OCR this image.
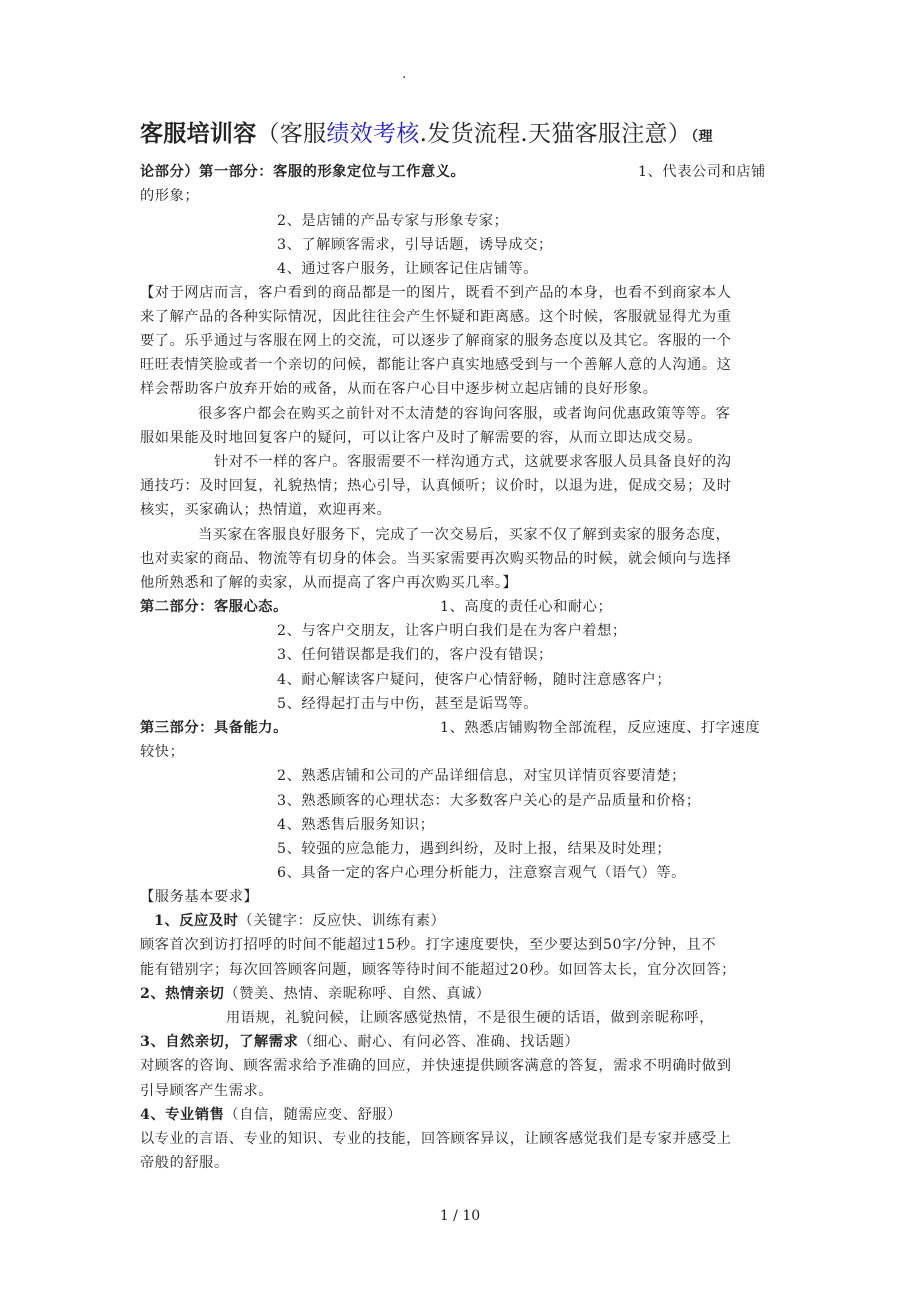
.
客服培训容（客服绩效考核.发货流程.天猫客服注意）（理
论部分）第一部分：客服的形象定位与工作意义。	1、代表公司和店铺
的形象；
2、是店铺的产品专家与形象专家；
3、了解顾客需求，引导话题，诱导成交；
4、通过客户服务，让顾客记住店铺等。
【对于网店而言，客户看到的商品都是一的图片，既看不到产品的本身，也看不到商家本人
来了解产品的各种实际情况，因此往往会产生怀疑和距离感。这个时候，客服就显得尤为重
要了。乐乎通过与客服在网上的交流，可以逐步了解商家的服务态度以及其它。客服的一个
旺旺表情笑脸或者一个亲切的问候，都能让客户真实地感受到与一个善解人意的人沟通。这
样会帮助客户放弃开始的戒备，从而在客户心目中逐步树立起店铺的良好形象。
很多客户都会在购买之前针对不太清楚的容询问客服，或者询问优惠政策等等。客
服如果能及时地回复客户的疑问，可以让客户及时了解需要的容，从而立即达成交易。
针对不一样的客户。客服需要不一样沟通方式，这就要求客服人员具备良好的沟
通技巧：及时回复，礼貌热情；热心引导，认真倾听；议价时，以退为进，促成交易；及时
核实，买家确认；热情道，欢迎再来。
当买家在客服良好服务下，完成了一次交易后，买家不仅了解到卖家的服务态度，
也对卖家的商品、物流等有切身的体会。当买家需要再次购买物品的时候，就会倾向与选择
他所熟悉和了解的卖家，从而提高了客户再次购买几率。】
第二部分：客服心态。	1、高度的责任心和耐心；
2、与客户交朋友，让客户明白我们是在为客户着想；
3、任何错误都是我们的，客户没有错误；
4、耐心解读客户疑问，使客户心情舒畅，随时注意感客户；
5、经得起打击与中伤，甚至是诟骂等。
第三部分：具备能力。	1、熟悉店铺购物全部流程，反应速度、打字速度
较快；
2、熟悉店铺和公司的产品详细信息，对宝贝详情页容要清楚；
3、熟悉顾客的心理状态：大多数客户关心的是产品质量和价格；
4、熟悉售后服务知识；
5、较强的应急能力，遇到纠纷，及时上报，结果及时处理；
6、具备一定的客户心理分析能力，注意察言观气（语气）等。
【服务基本要求】
1、反应及时（关键字：反应快、训练有素）
顾客首次到访打招呼的时间不能超过15秒。打字速度要快，至少要达到50字/分钟，且不
能有错别字；每次回答顾客问题，顾客等待时间不能超过20秒。如回答太长，宜分次回答；
2、热情亲切（赞美、热情、亲昵称呼、自然、真诚）
用语规，礼貌问候，让顾客感觉热情，不是很生硬的话语，做到亲昵称呼，
3、自然亲切，了解需求（细心、耐心、有问必答、准确、找话题）
对顾客的咨询、顾客需求给予准确的回应，并快速提供顾客满意的答复，需求不明确时做到
引导顾客产生需求。
4、专业销售（自信，随需应变、舒服）
以专业的言语、专业的知识、专业的技能，回答顾客异议，让顾客感觉我们是专家并感受上
帝般的舒服。
1 / 10
